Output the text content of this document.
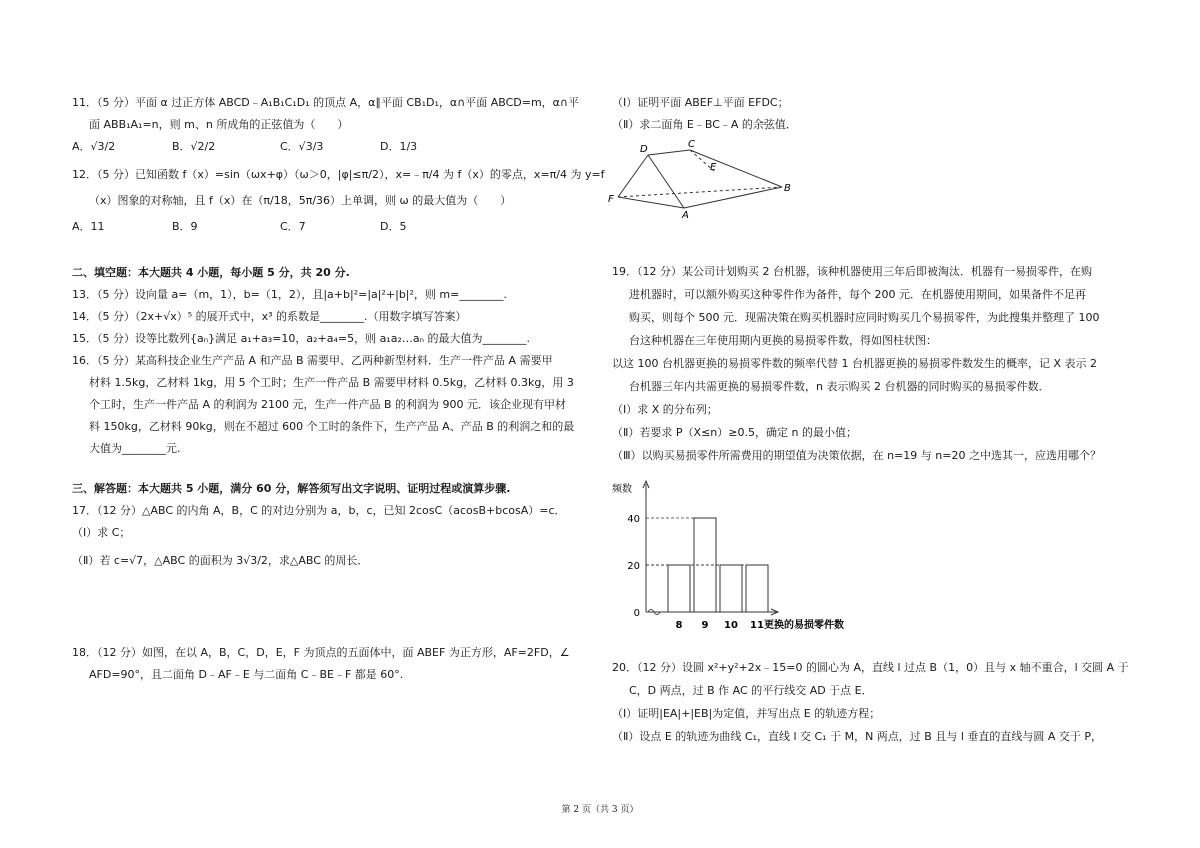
11．（5 分）平面 α 过正方体 ABCD﹣A₁B₁C₁D₁ 的顶点 A，α∥平面 CB₁D₁，α∩平面 ABCD=m，α∩平
面 ABB₁A₁=n，则 m、n 所成角的正弦值为（　　）
A．√3/2	B．√2/2	C．√3/3	D．1/3
12．（5 分）已知函数 f（x）=sin（ωx+φ）（ω＞0，|φ|≤π/2），x=﹣π/4 为 f（x）的零点，x=π/4 为 y=f
（x）图象的对称轴，且 f（x）在（π/18，5π/36）上单调，则 ω 的最大值为（　　）
A．11	B．9	C．7	D．5
二、填空题：本大题共 4 小题，每小题 5 分，共 20 分.
13．（5 分）设向量 a=（m，1），b=（1，2），且|a+b|²=|a|²+|b|²，则 m=________.
14．（5 分）（2x+√x）⁵ 的展开式中，x³ 的系数是________.（用数字填写答案）
15．（5 分）设等比数列{aₙ}满足 a₁+a₃=10，a₂+a₄=5，则 a₁a₂…aₙ 的最大值为________.
16．（5 分）某高科技企业生产产品 A 和产品 B 需要甲、乙两种新型材料．生产一件产品 A 需要甲
材料 1.5kg，乙材料 1kg，用 5 个工时；生产一件产品 B 需要甲材料 0.5kg，乙材料 0.3kg，用 3
个工时，生产一件产品 A 的利润为 2100 元，生产一件产品 B 的利润为 900 元．该企业现有甲材
料 150kg，乙材料 90kg，则在不超过 600 个工时的条件下，生产产品 A、产品 B 的利润之和的最
大值为________元.
三、解答题：本大题共 5 小题，满分 60 分，解答须写出文字说明、证明过程或演算步骤.
17．（12 分）△ABC 的内角 A，B，C 的对边分别为 a，b，c，已知 2cosC（acosB+bcosA）=c．
（Ⅰ）求 C；
（Ⅱ）若 c=√7，△ABC 的面积为 3√3/2，求△ABC 的周长．
18．（12 分）如图，在以 A，B，C，D，E，F 为顶点的五面体中，面 ABEF 为正方形，AF=2FD，∠
AFD=90°，且二面角 D﹣AF﹣E 与二面角 C﹣BE﹣F 都是 60°.
（Ⅰ）证明平面 ABEF⊥平面 EFDC；
（Ⅱ）求二面角 E﹣BC﹣A 的余弦值．
D	C
E
F
A
B
19．（12 分）某公司计划购买 2 台机器，该种机器使用三年后即被淘汰．机器有一易损零件，在购
进机器时，可以额外购买这种零件作为备件，每个 200 元．在机器使用期间，如果备件不足再
购买，则每个 500 元．现需决策在购买机器时应同时购买几个易损零件，为此搜集并整理了 100
台这种机器在三年使用期内更换的易损零件数，得如图柱状图：
以这 100 台机器更换的易损零件数的频率代替 1 台机器更换的易损零件数发生的概率，记 X 表示 2
台机器三年内共需更换的易损零件数，n 表示购买 2 台机器的同时购买的易损零件数．
（Ⅰ）求 X 的分布列；
（Ⅱ）若要求 P（X≤n）≥0.5，确定 n 的最小值；
（Ⅲ）以购买易损零件所需费用的期望值为决策依据，在 n=19 与 n=20 之中选其一，应选用哪个？
频数
0
20
40
8 9 10 11 更换的易损零件数
20．（12 分）设圆 x²+y²+2x﹣15=0 的圆心为 A，直线 l 过点 B（1，0）且与 x 轴不重合，l 交圆 A 于
C，D 两点，过 B 作 AC 的平行线交 AD 于点 E．
（Ⅰ）证明|EA|+|EB|为定值，并写出点 E 的轨迹方程；
（Ⅱ）设点 E 的轨迹为曲线 C₁，直线 l 交 C₁ 于 M，N 两点，过 B 且与 l 垂直的直线与圆 A 交于 P，
第 2 页（共 3 页）
